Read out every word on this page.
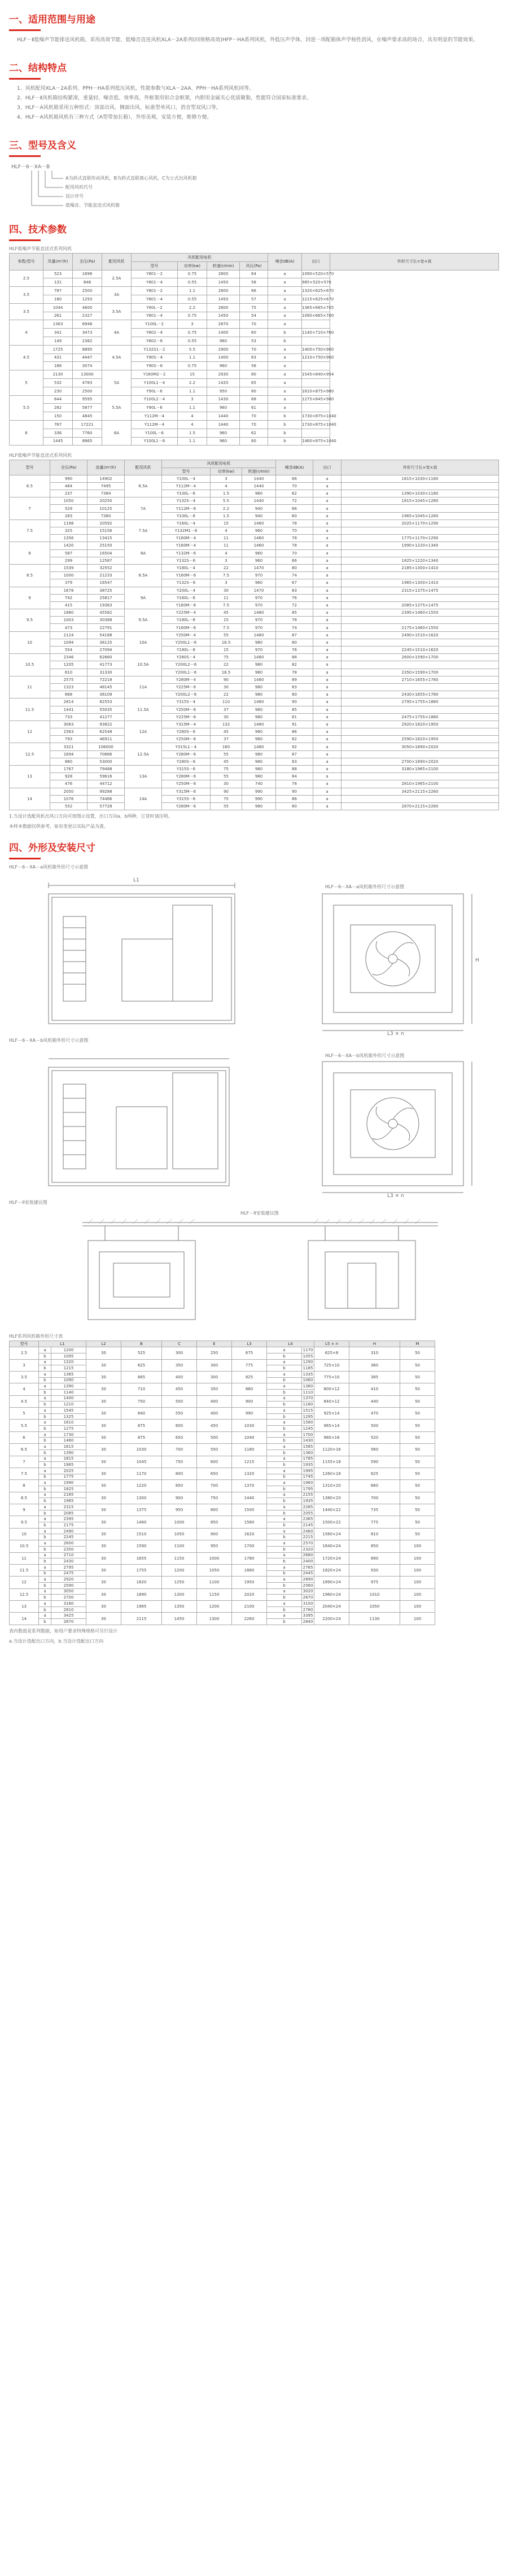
一、适用范围与用途
HLF－Ⅱ低噪声节能排送风机箱，采用高效节能、低噪音直连风机XLA－2A系列(同规格高效)HFP－HA系列风机，外低压声学体，封进一项配箱体声学杨性消风，在噪声要求高的场合，具有明显的节能效果。
二、结构特点
1、风机配用XLA－2A系列、PPH－HA系列低压风机，性能参数与XLA－2AA、PPH－HA系列风机同等。
2、HLF－Ⅱ风机箱结构紧凑，重量轻、噪音低、效率高，外框架用铝合金框架，内胆用金属夹心优质聚脂，性能符合国家标准要求。
3、HLF－A风机箱采用五种形式：顶部出风、侧面出风、标准型单风口，消音型双风口等。
4、HLF－A风机箱风机有三种方式（A型带加长箱），外形美观，安装方便，维修方便。
三、型号及含义
HLF－6－XA－B
A为斜式直联传动风机，B为斜式直联离心风机，C为立式出风机箱
配用风机代号
设计序号
低噪音、节能直送式风机箱
四、技术参数
HLF低噪声节能直送式系列风机
参数/型号	风量(m³/h)	全压(Pa)	配用风机	风机配用电机				噪音dB(A)	出口	外形尺寸长×宽×高
				型号	功率(kw)	转速(r/min)	风压(Pa)			
2.5	523	1696	2.5A	Y801－2	0.75	2800	64	a	1090×520×570	
	131	848		Y801－4	0.55	1450	58	a	985×520×570	
3.5	787	2500	3A	Y801－2	1.1	2800	66	a	1320×625×670	
	180	1250		Y801－4	0.55	1450	57	a	1215×625×670	
3.5	1044	4600	3.5A	Y90L－2	2.2	2800	75	a	1365×665×705	
	261	2327		Y801－4	0.75	1450	54	a	1090×665×700	
4	1363	6946	4A	Y100L－2	3	2870	70	a		
	341	3473		Y802－4	0.75	1400	60	b	1140×710×760	
	149	2382		Y802－6	0.55	960	53	b		
4.5	1725	8895	4.5A	Y132S1－2	5.5	2900	70	a	1400×750×900	
	431	4447		Y90S－4	1.1	1400	63	a	1210×750×900	
	186	3074		Y90S－6	0.75	960	56	a		
5	2130	13000	5A	Y160M2－2	15	2930	80	a	1545×840×954	
	532	4783		Y100L1－4	2.2	1420	65	a		
	230	2500		Y90L－6	1.1	950	60	a	1610×875×980	
5.5	644	9595	5.5A	Y100L2－4	3	1430	68	a	1275×845×980	
	282	5877		Y90L－6	1.1	960	61	a		
	150	4845		Y112M－4	4	1440	70	b	1730×875×1040	
6	767	17221	6A	Y112M－4	4	1440	70	b	1730×875×1040	
	336	7760		Y100L－6	1.5	960	62	b		
	1445	8865		Y100L1－6	1.1	960	60	b	1460×875×1040	
HLF低噪声节能直送式系列风机
型号	全压(Pa)	流量(m³/h)	配用风机	风机配用电机			噪音dB(A)	出口	外形尺寸长×宽×高
				型号	功率(kw)	转速(r/min)			
6.5	990	14902	6.5A	Y100L－4	3	1440	66	a	1615×1030×1180
	484	7495		Y112M－4	4	1440	70	a	
	237	7384		Y100L－6	1.5	960	62	a	1390×1030×1180
7	1050	20250	7A	Y132S－4	5.5	1440	72	a	1815×1045×1280
	529	10125		Y112M－6	2.2	940	66	a	
	283	7380		Y100L－6	1.5	940	60	a	1965×1045×1280
7.5	1198	20592	7.5A	Y160L－4	15	1460	78	a	2025×1170×1290
	325	15156		Y132M1－6	4	960	70	a	
	1356	13415		Y160M－4	11	1460	78	a	1775×1170×1290
8	1420	25150	8A	Y160M－4	11	1460	78	a	1990×1220×1340
	587	16504		Y132M－6	4	960	70	a	
	299	12587		Y132S－6	3	960	66	a	1825×1220×1340
8.5	1539	32552	8.5A	Y180L－4	22	1470	80	a	2185×1300×1410
	1000	21233		Y160M－6	7.5	970	74	a	
	379	16547		Y132S－6	3	960	67	a	1965×1300×1410
9	1678	38725	9A	Y200L－4	30	1470	83	a	2315×1375×1475
	742	25817		Y160L－6	11	970	76	a	
	415	19363		Y160M－6	7.5	970	72	a	2085×1375×1475
9.5	1880	45582	9.5A	Y225M－4	45	1480	85	a	2395×1460×1550
	1003	30388		Y180L－6	15	970	78	a	
	473	22791		Y160M－6	7.5	970	74	a	2175×1460×1550
10	2124	54188	10A	Y250M－4	55	1480	87	a	2490×1510×1620
	1094	36125		Y200L1－6	18.5	980	80	a	
	554	27094		Y180L－6	15	970	76	a	2245×1510×1620
10.5	2346	62660	10.5A	Y280S－4	75	1480	88	a	2600×1590×1700
	1205	41773		Y200L2－6	22	980	82	a	
	610	31330		Y200L1－6	18.5	980	78	a	2350×1590×1700
11	2575	72218	11A	Y280M－4	90	1480	89	a	2710×1655×1780
	1323	48145		Y225M－6	30	980	83	a	
	668	36109		Y200L2－6	22	980	80	a	2430×1655×1780
11.5	2814	82553	11.5A	Y315S－4	110	1480	90	a	2795×1755×1880
	1441	55035		Y250M－6	37	980	85	a	
	733	41277		Y225M－6	30	980	81	a	2475×1755×1880
12	3063	93822	12A	Y315M－4	132	1480	91	a	2920×1820×1950
	1563	62548		Y280S－6	45	980	86	a	
	793	46911		Y250M－6	37	980	82	a	2590×1820×1950
12.5	3321	106000	12.5A	Y315L1－4	160	1480	92	a	3050×1890×2020
	1694	70666		Y280M－6	55	980	87	a	
	860	53000		Y280S－6	45	980	83	a	2700×1890×2020
13	1767	79488	13A	Y315S－6	75	980	88	a	3180×1965×2100
	928	59616		Y280M－6	55	980	84	a	
	476	44712		Y250M－8	30	740	78	a	2810×1965×2100
14	2050	99288	14A	Y315M－6	90	990	90	a	3425×2115×2260
	1076	74466		Y315S－6	75	990	86	a	
	552	57728		Y280M－6	55	980	80	a	2870×2115×2260
1.当设计选配风机出风口方向可按图示设置，出口方向a、b两种，订货时请注明。
本样本数据仅供参考，如有变更以实际产品为准。
四、外形及安装尺寸
HLF－6－XA－a风机箱外形尺寸示意图
L1
L3 × n
H
HLF－6－XA－a风机箱外形尺寸示意图
HLF－6－XA－b风机箱外形尺寸示意图
HLF－6－XA－b风机箱外形尺寸示意图
L3 × n
HLF－II安装建议图
HLF－II安装建议图
HLF系列风机箱外形尺寸表
型号	L1		L2	B	C	E	L3	L4		L5 × n	H	M
2.5	a	1200	30	525	300	250	675	a	1170	625×8	310	50
	b	1095						b	1055			
3	a	1320	30	625	350	300	775	a	1290	725×10	360	50
	b	1215						b	1185			
3.5	a	1365	30	665	400	300	825	a	1335	775×10	385	50
	b	1090						b	1060			
4	a	1390	30	710	450	350	860	a	1360	800×12	410	50
	b	1140						b	1110			
4.5	a	1400	30	750	500	400	900	a	1370	840×12	440	50
	b	1210						b	1180			
5	a	1545	30	840	550	400	990	a	1515	925×14	470	50
	b	1325						b	1295			
5.5	a	1610	30	875	600	450	1030	a	1580	965×14	500	50
	b	1275						b	1245			
6	a	1730	30	875	650	500	1040	a	1700	980×16	520	50
	b	1460						b	1430			
6.5	a	1615	30	1030	700	550	1180	a	1585	1120×16	560	50
	b	1390						b	1360			
7	a	1815	30	1045	750	600	1215	a	1785	1155×18	590	50
	b	1965						b	1935			
7.5	a	2025	30	1170	800	650	1320	a	1995	1260×18	625	50
	b	1775						b	1745			
8	a	1990	30	1220	850	700	1370	a	1960	1310×20	660	50
	b	1825						b	1795			
8.5	a	2185	30	1300	900	750	1440	a	2155	1380×20	700	50
	b	1965						b	1935			
9	a	2315	30	1375	950	800	1500	a	2285	1440×22	735	50
	b	2085						b	2055			
9.5	a	2395	30	1460	1000	850	1560	a	2365	1500×22	775	50
	b	2175						b	2145			
10	a	2490	30	1510	1050	900	1620	a	2460	1560×24	810	50
	b	2245						b	2215			
10.5	a	2600	30	1590	1100	950	1700	a	2570	1640×24	850	100
	b	2350						b	2320			
11	a	2710	30	1655	1150	1000	1780	a	2680	1720×24	890	100
	b	2430						b	2400			
11.5	a	2795	30	1755	1200	1050	1880	a	2765	1820×24	930	100
	b	2475						b	2445			
12	a	2920	30	1820	1250	1100	1950	a	2890	1890×24	975	100
	b	2590						b	2560			
12.5	a	3050	30	1890	1300	1150	2020	a	3020	1960×24	1010	100
	b	2700						b	2670			
13	a	3180	30	1965	1350	1200	2100	a	3150	2040×24	1050	100
	b	2810						b	2780			
14	a	3425	30	2115	1450	1300	2260	a	3395	2200×24	1130	100
	b	2870						b	2840			
表内数值是系列数据，如用户要求特殊规格可另行设计
a.当设计选配出口方向，b.当设计选配出口方向
